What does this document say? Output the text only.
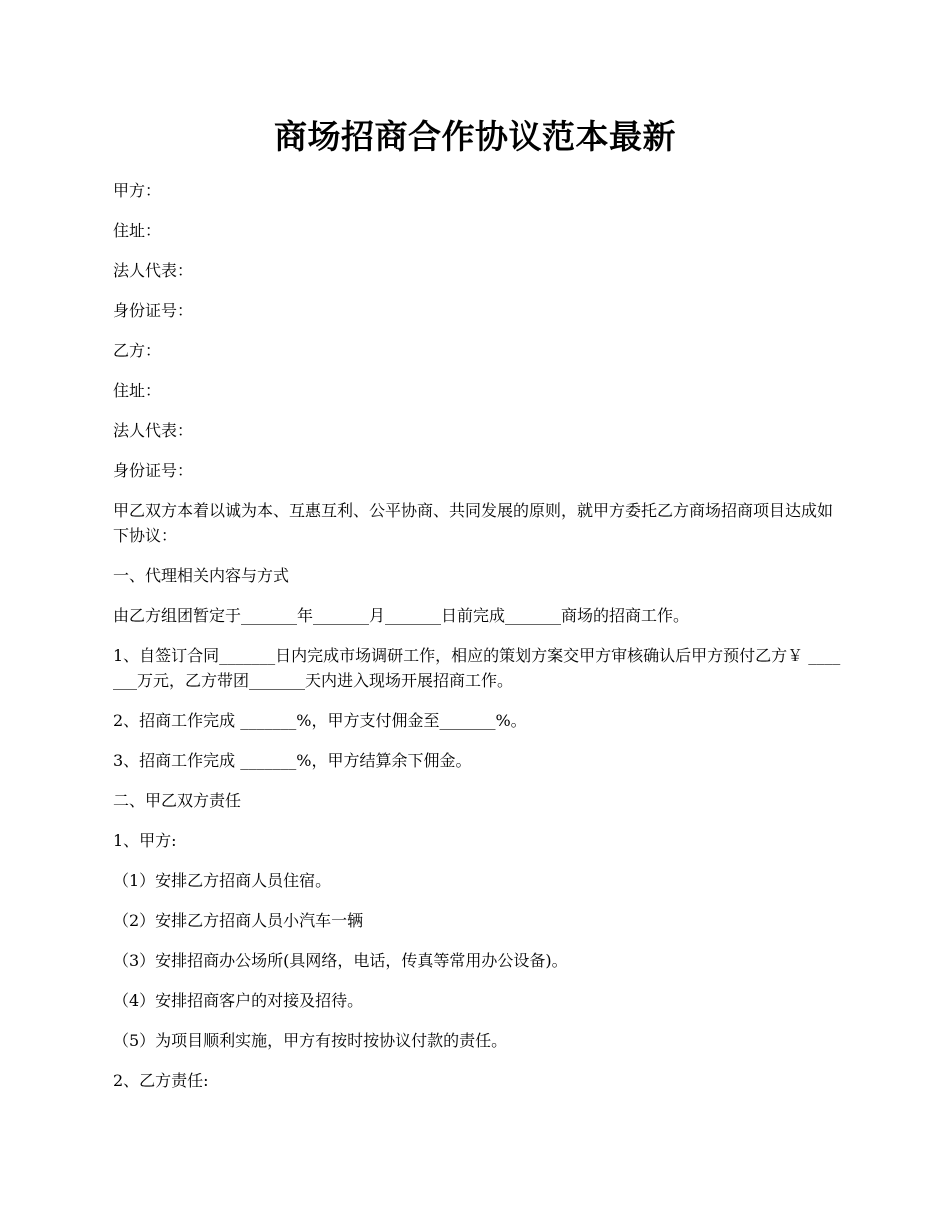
商场招商合作协议范本最新

甲方：

住址：

法人代表：

身份证号：

乙方：

住址：

法人代表：

身份证号：

甲乙双方本着以诚为本、互惠互利、公平协商、共同发展的原则，就甲方委托乙方商场招商项目达成如下协议：

一、代理相关内容与方式

由乙方组团暂定于_______年_______月_______日前完成_______商场的招商工作。

1、自签订合同_______日内完成市场调研工作，相应的策划方案交甲方审核确认后甲方预付乙方￥ _______万元，乙方带团_______天内进入现场开展招商工作。

2、招商工作完成 _______%，甲方支付佣金至_______%。

3、招商工作完成 _______%，甲方结算余下佣金。

二、甲乙双方责任

1、甲方:

（1）安排乙方招商人员住宿。

（2）安排乙方招商人员小汽车一辆

（3）安排招商办公场所(具网络，电话，传真等常用办公设备)。

（4）安排招商客户的对接及招待。

（5）为项目顺利实施，甲方有按时按协议付款的责任。

2、乙方责任:
